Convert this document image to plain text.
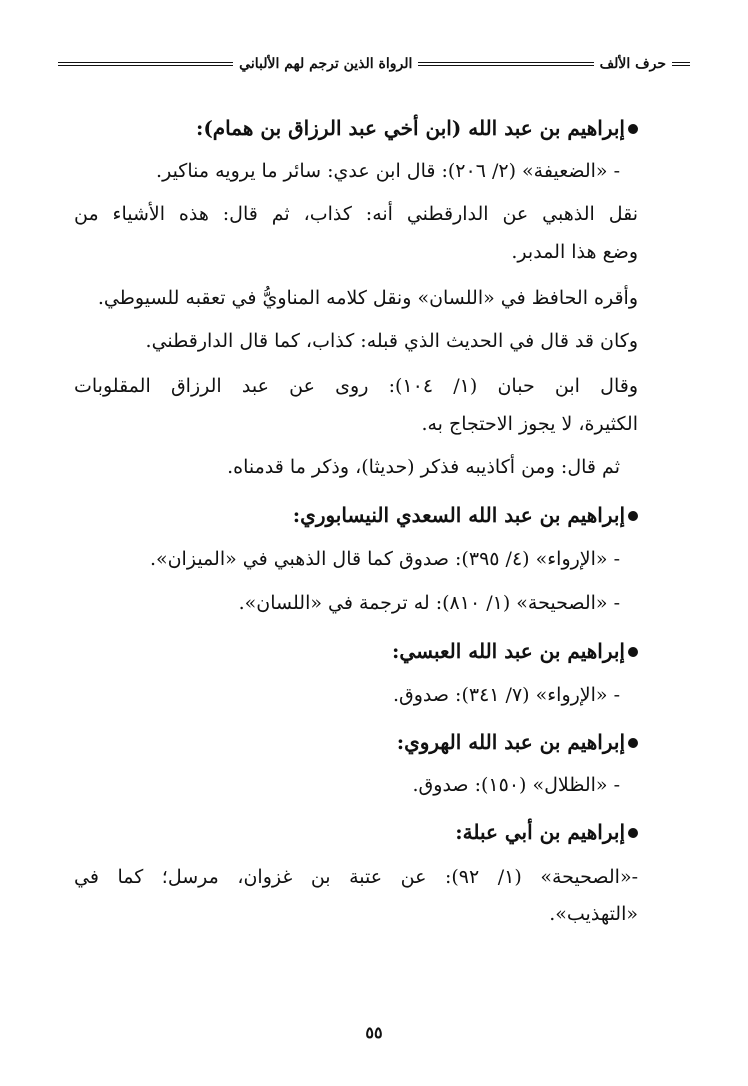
حرف الألف
الرواة الذين ترجم لهم الألباني
إبراهيم بن عبد الله (ابن أخي عبد الرزاق بن همام):
- «الضعيفة» (٢/ ٢٠٦): قال ابن عدي: سائر ما يرويه مناكير.
نقل الذهبي عن الدارقطني أنه: كذاب، ثم قال: هذه الأشياء من
وضع هذا المدبر.
وأقره الحافظ في «اللسان» ونقل كلامه المناويُّ في تعقبه للسيوطي.
وكان قد قال في الحديث الذي قبله: كذاب، كما قال الدارقطني.
وقال ابن حبان (١/ ١٠٤): روى عن عبد الرزاق المقلوبات
الكثيرة، لا يجوز الاحتجاج به.
ثم قال: ومن أكاذيبه فذكر (حديثا)، وذكر ما قدمناه.
إبراهيم بن عبد الله السعدي النيسابوري:
- «الإرواء» (٤/ ٣٩٥): صدوق كما قال الذهبي في «الميزان».
- «الصحيحة» (١/ ٨١٠): له ترجمة في «اللسان».
إبراهيم بن عبد الله العبسي:
- «الإرواء» (٧/ ٣٤١): صدوق.
إبراهيم بن عبد الله الهروي:
- «الظلال» (١٥٠): صدوق.
إبراهيم بن أبي عبلة:
-«الصحيحة» (١/ ٩٢): عن عتبة بن غزوان، مرسل؛ كما في
«التهذيب».
٥٥
